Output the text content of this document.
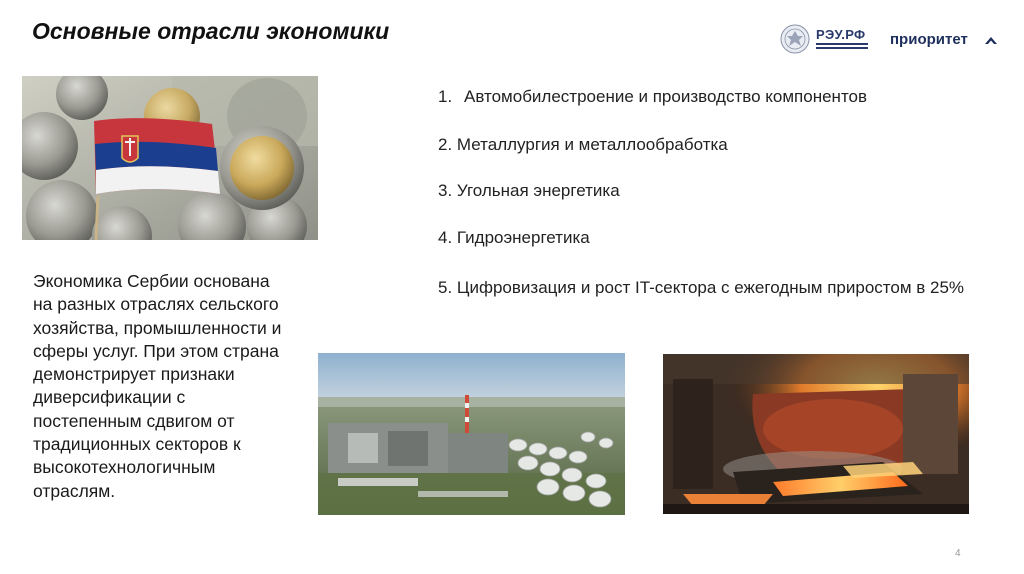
Основные отрасли экономики	РЭУ.РФ приоритет
1. Автомобилестроение и производство компонентов
2. Металлургия и металлообработка
3. Угольная энергетика
4. Гидроэнергетика
5. Цифровизация и рост IT-сектора с ежегодным приростом в 25%

Экономика Сербии основана на разных отраслях сельского хозяйства, промышленности и сферы услуг. При этом страна демонстрирует признаки диверсификации с постепенным сдвигом от традиционных секторов к высокотехнологичным отраслям.

4
